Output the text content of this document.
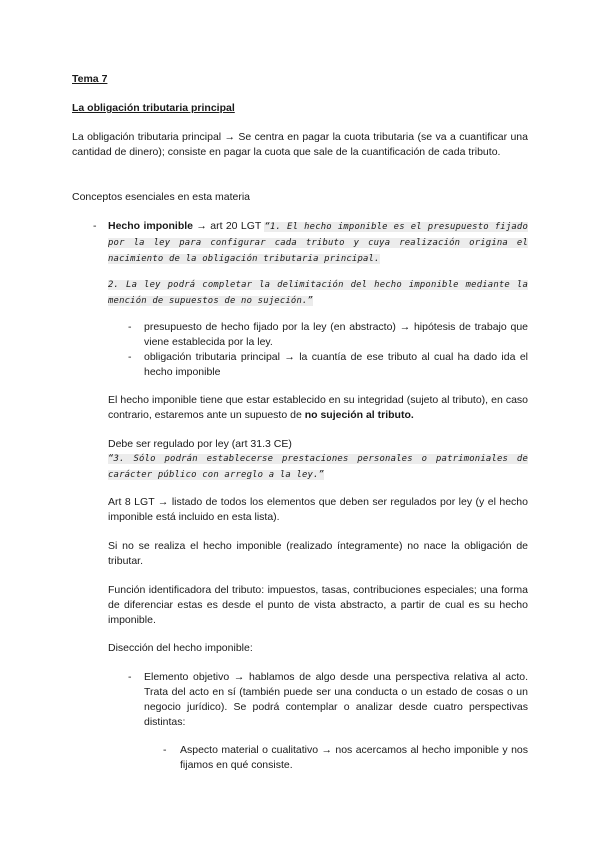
Tema 7
La obligación tributaria principal
La obligación tributaria principal → Se centra en pagar la cuota tributaria (se va a cuantificar una cantidad de dinero); consiste en pagar la cuota que sale de la cuantificación de cada tributo.
Conceptos esenciales en esta materia
- Hecho imponible → art 20 LGT “1. El hecho imponible es el presupuesto fijado por la ley para configurar cada tributo y cuya realización origina el nacimiento de la obligación tributaria principal.
2. La ley podrá completar la delimitación del hecho imponible mediante la mención de supuestos de no sujeción.”
- presupuesto de hecho fijado por la ley (en abstracto) → hipótesis de trabajo que viene establecida por la ley.
- obligación tributaria principal → la cuantía de ese tributo al cual ha dado ida el hecho imponible
El hecho imponible tiene que estar establecido en su integridad (sujeto al tributo), en caso contrario, estaremos ante un supuesto de no sujeción al tributo.
Debe ser regulado por ley (art 31.3 CE)
“3. Sólo podrán establecerse prestaciones personales o patrimoniales de carácter público con arreglo a la ley.”
Art 8 LGT → listado de todos los elementos que deben ser regulados por ley (y el hecho imponible está incluido en esta lista).
Si no se realiza el hecho imponible (realizado íntegramente) no nace la obligación de tributar.
Función identificadora del tributo: impuestos, tasas, contribuciones especiales; una forma de diferenciar estas es desde el punto de vista abstracto, a partir de cual es su hecho imponible.
Disección del hecho imponible:
- Elemento objetivo → hablamos de algo desde una perspectiva relativa al acto. Trata del acto en sí (también puede ser una conducta o un estado de cosas o un negocio jurídico). Se podrá contemplar o analizar desde cuatro perspectivas distintas:
- Aspecto material o cualitativo → nos acercamos al hecho imponible y nos fijamos en qué consiste.
